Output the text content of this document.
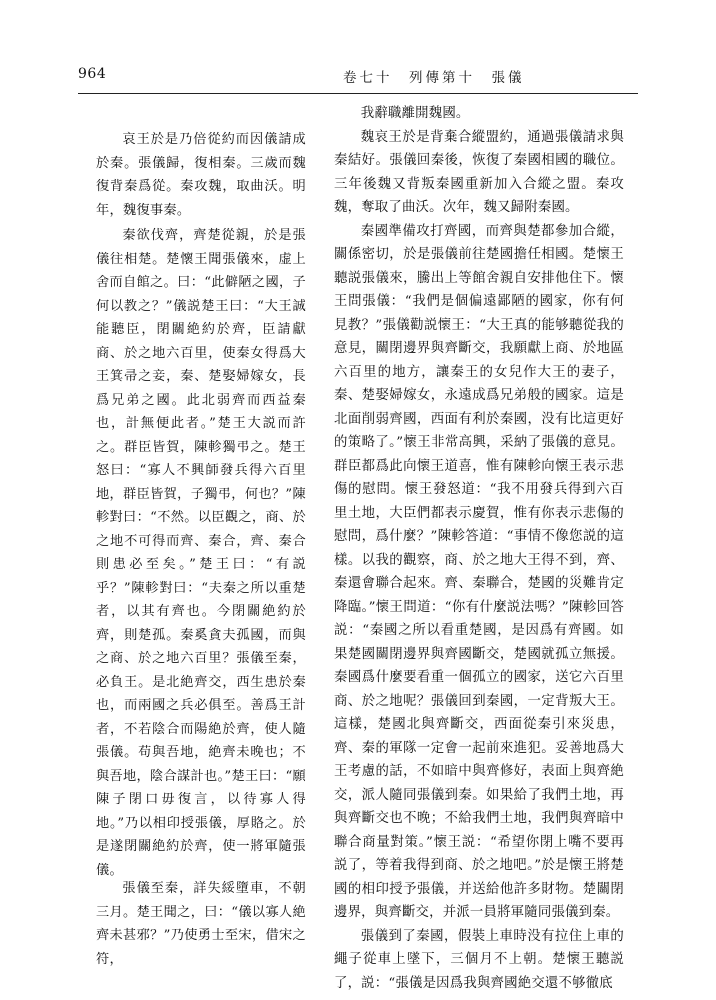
964	卷七十　列傳第十　張儀

哀王於是乃倍從約而因儀請成於秦。張儀歸，復相秦。三歲而魏復背秦爲從。秦攻魏，取曲沃。明年，魏復事秦。

秦欲伐齊，齊楚從親，於是張儀往相楚。楚懷王聞張儀來，虚上舍而自館之。曰：“此僻陋之國，子何以教之？”儀説楚王曰：“大王誠能聽臣，閉關絶約於齊，臣請獻商、於之地六百里，使秦女得爲大王箕帚之妾，秦、楚娶婦嫁女，長爲兄弟之國。此北弱齊而西益秦也，計無便此者。”楚王大説而許之。群臣皆賀，陳軫獨弔之。楚王怒曰：“寡人不興師發兵得六百里地，群臣皆賀，子獨弔，何也？”陳軫對曰：“不然。以臣觀之，商、於之地不可得而齊、秦合，齊、秦合則患必至矣。”楚王曰：“有説乎？”陳軫對曰：“夫秦之所以重楚者，以其有齊也。今閉關絶約於齊，則楚孤。秦奚貪夫孤國，而與之商、於之地六百里？張儀至秦，必負王。是北絶齊交，西生患於秦也，而兩國之兵必俱至。善爲王計者，不若陰合而陽絶於齊，使人隨張儀。苟與吾地，絶齊未晚也；不與吾地，陰合謀計也。”楚王曰：“願陳子閉口毋復言，以待寡人得地。”乃以相印授張儀，厚賂之。於是遂閉關絶約於齊，使一將軍隨張儀。

張儀至秦，詳失綏墮車，不朝三月。楚王聞之，曰：“儀以寡人絶齊未甚邪？”乃使勇士至宋，借宋之符，

我辭職離開魏國。

魏哀王於是背棄合縱盟約，通過張儀請求與秦結好。張儀回秦後，恢復了秦國相國的職位。三年後魏又背叛秦國重新加入合縱之盟。秦攻魏，奪取了曲沃。次年，魏又歸附秦國。

秦國準備攻打齊國，而齊與楚都參加合縱，關係密切，於是張儀前往楚國擔任相國。楚懷王聽説張儀來，騰出上等館舍親自安排他住下。懷王問張儀：“我們是個偏遠鄙陋的國家，你有何見教？”張儀勸説懷王：“大王真的能够聽從我的意見，關閉邊界與齊斷交，我願獻上商、於地區六百里的地方，讓秦王的女兒作大王的妻子，秦、楚娶婦嫁女，永遠成爲兄弟般的國家。這是北面削弱齊國，西面有利於秦國，没有比這更好的策略了。”懷王非常高興，采納了張儀的意見。群臣都爲此向懷王道喜，惟有陳軫向懷王表示悲傷的慰問。懷王發怒道：“我不用發兵得到六百里土地，大臣們都表示慶賀，惟有你表示悲傷的慰問，爲什麼？”陳軫答道：“事情不像您説的這樣。以我的觀察，商、於之地大王得不到，齊、秦還會聯合起來。齊、秦聯合，楚國的災難肯定降臨。”懷王問道：“你有什麼説法嗎？”陳軫回答説：“秦國之所以看重楚國，是因爲有齊國。如果楚國關閉邊界與齊國斷交，楚國就孤立無援。秦國爲什麼要看重一個孤立的國家，送它六百里商、於之地呢？張儀回到秦國，一定背叛大王。這樣，楚國北與齊斷交，西面從秦引來災患，齊、秦的軍隊一定會一起前來進犯。妥善地爲大王考慮的話，不如暗中與齊修好，表面上與齊絶交，派人隨同張儀到秦。如果給了我們土地，再與齊斷交也不晚；不給我們土地，我們與齊暗中聯合商量對策。”懷王説：“希望你閉上嘴不要再説了，等着我得到商、於之地吧。”於是懷王將楚國的相印授予張儀，并送給他許多財物。楚關閉邊界，與齊斷交，并派一員將軍隨同張儀到秦。

張儀到了秦國，假裝上車時没有拉住上車的繩子從車上墜下，三個月不上朝。楚懷王聽説了，説：“張儀是因爲我與齊國絶交還不够徹底
